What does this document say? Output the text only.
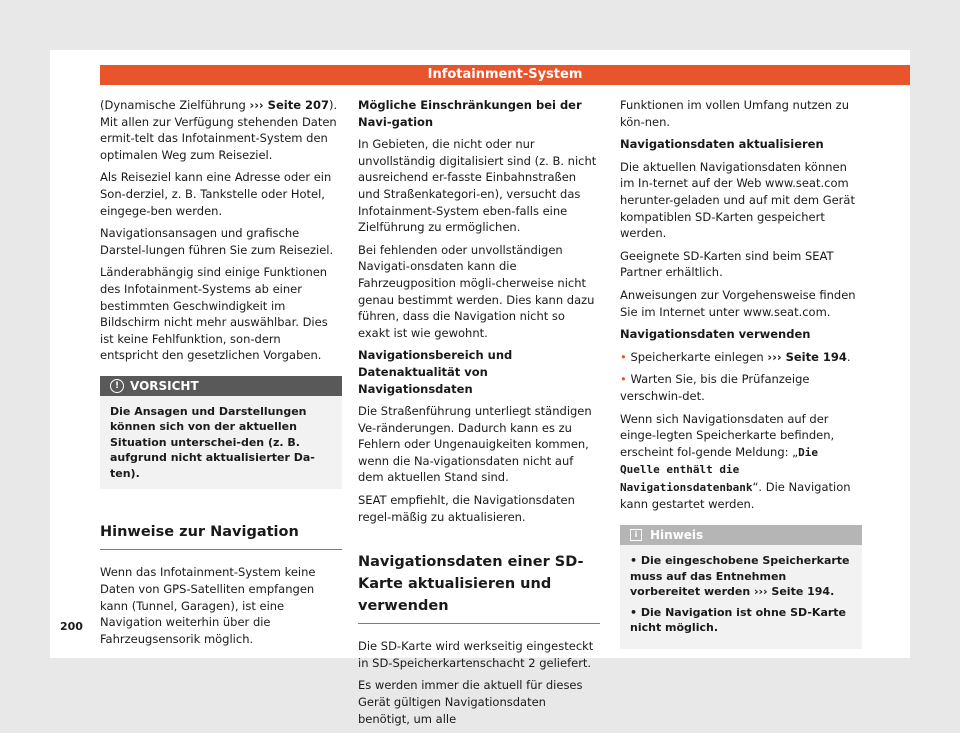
Infotainment-System

(Dynamische Zielführung ››› Seite 207). Mit allen zur Verfügung stehenden Daten ermit-telt das Infotainment-System den optimalen Weg zum Reiseziel.

Als Reiseziel kann eine Adresse oder ein Son-derziel, z. B. Tankstelle oder Hotel, eingege-ben werden.

Navigationsansagen und grafische Darstel-lungen führen Sie zum Reiseziel.

Länderabhängig sind einige Funktionen des Infotainment-Systems ab einer bestimmten Geschwindigkeit im Bildschirm nicht mehr auswählbar. Dies ist keine Fehlfunktion, son-dern entspricht den gesetzlichen Vorgaben.

! VORSICHT
Die Ansagen und Darstellungen können sich von der aktuellen Situation unterschei-den (z. B. aufgrund nicht aktualisierter Da-ten).
Hinweise zur Navigation

Wenn das Infotainment-System keine Daten von GPS-Satelliten empfangen kann (Tunnel, Garagen), ist eine Navigation weiterhin über die Fahrzeugsensorik möglich.

Mögliche Einschränkungen bei der Navi-gation

In Gebieten, die nicht oder nur unvollständig digitalisiert sind (z. B. nicht ausreichend er-fasste Einbahnstraßen und Straßenkategori-en), versucht das Infotainment-System eben-falls eine Zielführung zu ermöglichen.

Bei fehlenden oder unvollständigen Navigati-onsdaten kann die Fahrzeugposition mögli-cherweise nicht genau bestimmt werden. Dies kann dazu führen, dass die Navigation nicht so exakt ist wie gewohnt.

Navigationsbereich und Datenaktualität von Navigationsdaten

Die Straßenführung unterliegt ständigen Ve-ränderungen. Dadurch kann es zu Fehlern oder Ungenauigkeiten kommen, wenn die Na-vigationsdaten nicht auf dem aktuellen Stand sind.

SEAT empfiehlt, die Navigationsdaten regel-mäßig zu aktualisieren.

Navigationsdaten einer SD-Karte aktualisieren und verwenden

Die SD-Karte wird werkseitig eingesteckt in SD-Speicherkartenschacht 2 geliefert.

Es werden immer die aktuell für dieses Gerät gültigen Navigationsdaten benötigt, um alle

Funktionen im vollen Umfang nutzen zu kön-nen.

Navigationsdaten aktualisieren

Die aktuellen Navigationsdaten können im In-ternet auf der Web www.seat.com herunter-geladen und auf mit dem Gerät kompatiblen SD-Karten gespeichert werden.

Geeignete SD-Karten sind beim SEAT Partner erhältlich.

Anweisungen zur Vorgehensweise finden Sie im Internet unter www.seat.com.

Navigationsdaten verwenden

• Speicherkarte einlegen ››› Seite 194.

• Warten Sie, bis die Prüfanzeige verschwin-det.

Wenn sich Navigationsdaten auf der einge-legten Speicherkarte befinden, erscheint fol-gende Meldung: „Die Quelle enthält die Navigationsdatenbank“. Die Navigation kann gestartet werden.

i	Hinweis

• Die eingeschobene Speicherkarte muss auf das Entnehmen vorbereitet werden ››› Seite 194.

• Die Navigation ist ohne SD-Karte nicht möglich.

200
